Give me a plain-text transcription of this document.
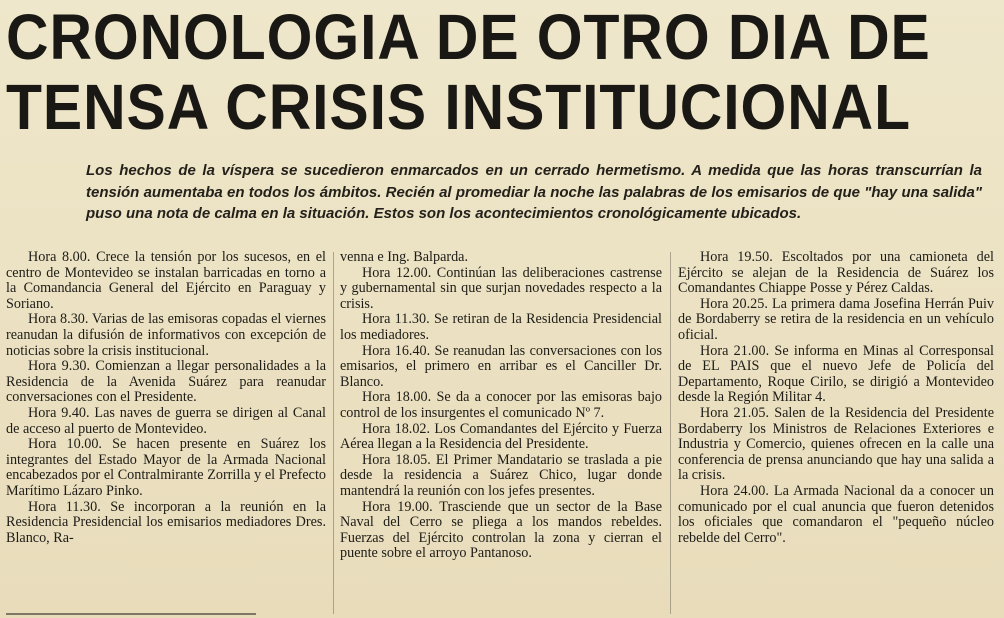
CRONOLOGIA DE OTRO DIA DE
TENSA CRISIS INSTITUCIONAL
Los hechos de la víspera se sucedieron enmarcados en un cerrado hermetismo. A medida que las horas transcurrían la tensión aumentaba en todos los ámbitos. Recién al promediar la noche las palabras de los emisarios de que "hay una salida" puso una nota de calma en la situación. Estos son los acontecimientos cronológicamente ubicados.

Hora 8.00. Crece la tensión por los sucesos, en el centro de Montevideo se instalan barricadas en torno a la Comandancia General del Ejército en Paraguay y Soriano.

Hora 8.30. Varias de las emisoras copadas el viernes reanudan la difusión de informativos con excepción de noticias sobre la crisis institucional.

Hora 9.30. Comienzan a llegar personalidades a la Residencia de la Avenida Suárez para reanudar conversaciones con el Presidente.

Hora 9.40. Las naves de guerra se dirigen al Canal de acceso al puerto de Montevideo.

Hora 10.00. Se hacen presente en Suárez los integrantes del Estado Mayor de la Armada Nacional encabezados por el Contralmirante Zorrilla y el Prefecto Marítimo Lázaro Pinko.

Hora 11.30. Se incorporan a la reunión en la Residencia Presidencial los emisarios mediadores Dres. Blanco, Ra-

venna e Ing. Balparda.

Hora 12.00. Continúan las deliberaciones castrense y gubernamental sin que surjan novedades respecto a la crisis.

Hora 11.30. Se retiran de la Residencia Presidencial los mediadores.

Hora 16.40. Se reanudan las conversaciones con los emisarios, el primero en arribar es el Canciller Dr. Blanco.

Hora 18.00. Se da a conocer por las emisoras bajo control de los insurgentes el comunicado Nº 7.

Hora 18.02. Los Comandantes del Ejército y Fuerza Aérea llegan a la Residencia del Presidente.

Hora 18.05. El Primer Mandatario se traslada a pie desde la residencia a Suárez Chico, lugar donde mantendrá la reunión con los jefes presentes.

Hora 19.00. Trasciende que un sector de la Base Naval del Cerro se pliega a los mandos rebeldes. Fuerzas del Ejército controlan la zona y cierran el puente sobre el arroyo Pantanoso.

Hora 19.50. Escoltados por una camioneta del Ejército se alejan de la Residencia de Suárez los Comandantes Chiappe Posse y Pérez Caldas.

Hora 20.25. La primera dama Josefina Herrán Puiv de Bordaberry se retira de la residencia en un vehículo oficial.

Hora 21.00. Se informa en Minas al Corresponsal de EL PAIS que el nuevo Jefe de Policía del Departamento, Roque Cirilo, se dirigió a Montevideo desde la Región Militar 4.

Hora 21.05. Salen de la Residencia del Presidente Bordaberry los Ministros de Relaciones Exteriores e Industria y Comercio, quienes ofrecen en la calle una conferencia de prensa anunciando que hay una salida a la crisis.

Hora 24.00. La Armada Nacional da a conocer un comunicado por el cual anuncia que fueron detenidos los oficiales que comandaron el "pequeño núcleo rebelde del Cerro".
